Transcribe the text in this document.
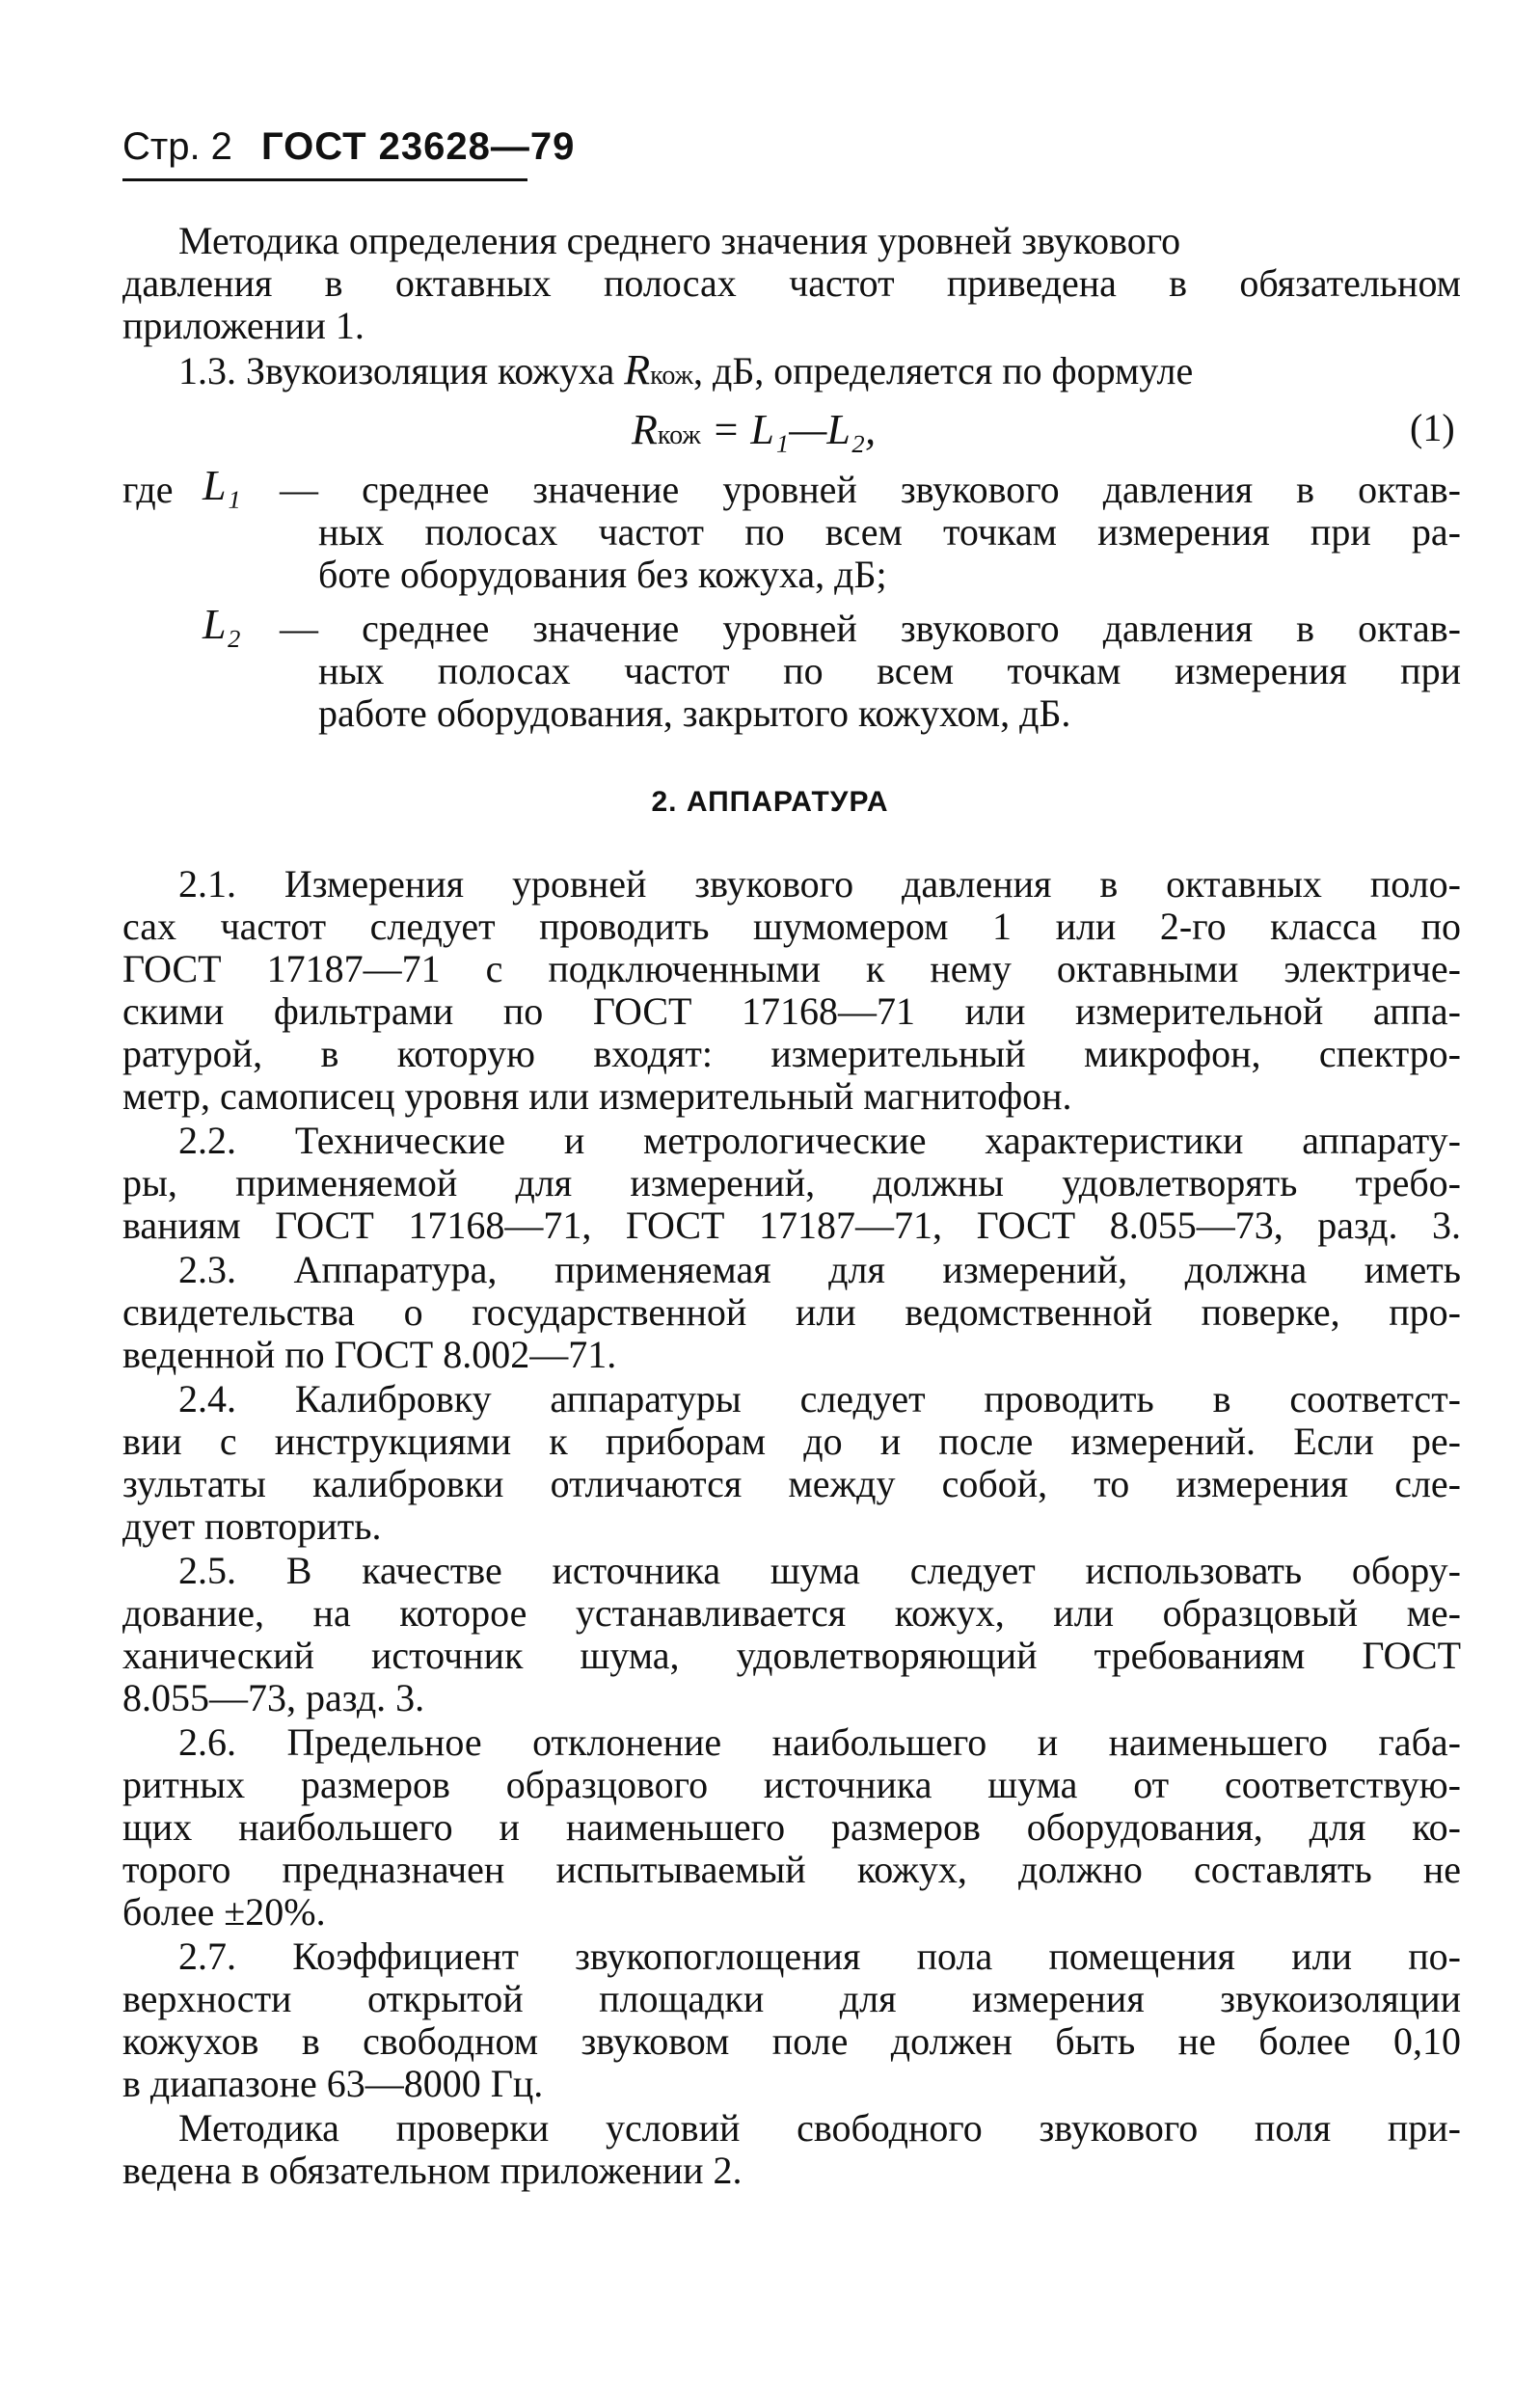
Стр. 2 ГОСТ 23628—79
Методика определения среднего значения уровней звукового
давления в октавных полосах частот приведена в обязательном
приложении 1.
1.3. Звукоизоляция кожуха Rкож, дБ, определяется по формуле
Rкож = L₁—L₂,	(1)
где L₁ — среднее значение уровней звукового давления в октав-
ных полосах частот по всем точкам измерения при ра-
боте оборудования без кожуха, дБ;
L₂ — среднее значение уровней звукового давления в октав-
ных полосах частот по всем точкам измерения при
работе оборудования, закрытого кожухом, дБ.
2. АППАРАТУРА
2.1. Измерения уровней звукового давления в октавных поло-
сах частот следует проводить шумомером 1 или 2-го класса по
ГОСТ 17187—71 с подключенными к нему октавными электриче-
скими фильтрами по ГОСТ 17168—71 или измерительной аппа-
ратурой, в которую входят: измерительный микрофон, спектро-
метр, самописец уровня или измерительный магнитофон.
2.2. Технические и метрологические характеристики аппарату-
ры, применяемой для измерений, должны удовлетворять требо-
ваниям ГОСТ 17168—71, ГОСТ 17187—71, ГОСТ 8.055—73, разд. 3.
2.3. Аппаратура, применяемая для измерений, должна иметь
свидетельства о государственной или ведомственной поверке, про-
веденной по ГОСТ 8.002—71.
2.4. Калибровку аппаратуры следует проводить в соответст-
вии с инструкциями к приборам до и после измерений. Если ре-
зультаты калибровки отличаются между собой, то измерения сле-
дует повторить.
2.5. В качестве источника шума следует использовать обору-
дование, на которое устанавливается кожух, или образцовый ме-
ханический источник шума, удовлетворяющий требованиям ГОСТ
8.055—73, разд. 3.
2.6. Предельное отклонение наибольшего и наименьшего габа-
ритных размеров образцового источника шума от соответствую-
щих наибольшего и наименьшего размеров оборудования, для ко-
торого предназначен испытываемый кожух, должно составлять не
более ±20%.
2.7. Коэффициент звукопоглощения пола помещения или по-
верхности открытой площадки для измерения звукоизоляции
кожухов в свободном звуковом поле должен быть не более 0,10
в диапазоне 63—8000 Гц.
Методика проверки условий свободного звукового поля при-
ведена в обязательном приложении 2.
